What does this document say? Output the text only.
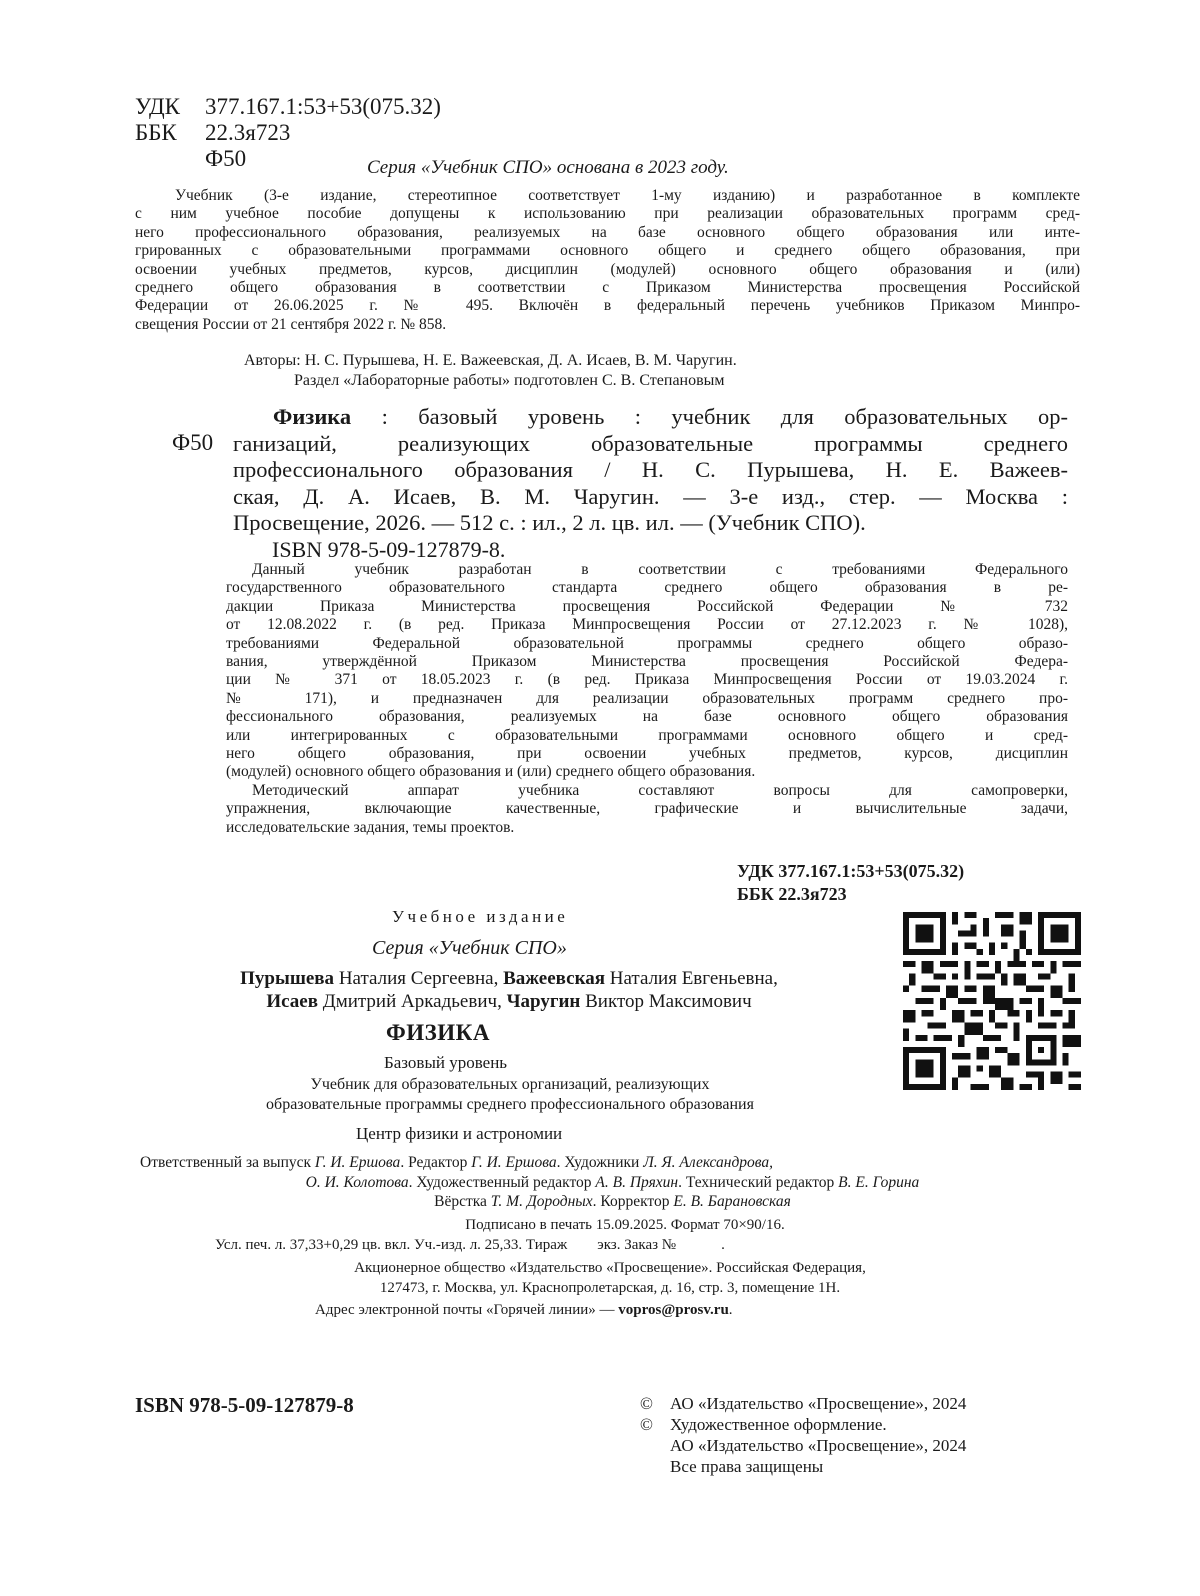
УДК	377.167.1:53+53(075.32)
ББК	22.3я723
Ф50	Серия «Учебник СПО» основана в 2023 году.
Учебник (3-е издание, стереотипное соответствует 1-му изданию) и разработанное в комплекте
с ним учебное пособие допущены к использованию при реализации образовательных программ сред-
него профессионального образования, реализуемых на базе основного общего образования или инте-
грированных с образовательными программами основного общего и среднего общего образования, при
освоении учебных предметов, курсов, дисциплин (модулей) основного общего образования и (или)
среднего общего образования в соответствии с Приказом Министерства просвещения Российской
Федерации от 26.06.2025 г. № 495. Включён в федеральный перечень учебников Приказом Минпро-
свещения России от 21 сентября 2022 г. № 858.
Авторы: Н. С. Пурышева, Н. Е. Важеевская, Д. А. Исаев, В. М. Чаругин.
Раздел «Лабораторные работы» подготовлен С. В. Степановым
Ф50
Физика : базовый уровень : учебник для образовательных ор-
ганизаций, реализующих образовательные программы среднего
профессионального образования / Н. С. Пурышева, Н. Е. Важеев-
ская, Д. А. Исаев, В. М. Чаругин. — 3-е изд., стер. — Москва :
Просвещение, 2026. — 512 с. : ил., 2 л. цв. ил. — (Учебник СПО).
ISBN 978-5-09-127879-8.
Данный учебник разработан в соответствии с требованиями Федерального
государственного образовательного стандарта среднего общего образования в ре-
дакции Приказа Министерства просвещения Российской Федерации № 732
от 12.08.2022 г. (в ред. Приказа Минпросвещения России от 27.12.2023 г. № 1028),
требованиями Федеральной образовательной программы среднего общего образо-
вания, утверждённой Приказом Министерства просвещения Российской Федера-
ции № 371 от 18.05.2023 г. (в ред. Приказа Минпросвещения России от 19.03.2024 г.
№ 171), и предназначен для реализации образовательных программ среднего про-
фессионального образования, реализуемых на базе основного общего образования
или интегрированных с образовательными программами основного общего и сред-
него общего образования, при освоении учебных предметов, курсов, дисциплин
(модулей) основного общего образования и (или) среднего общего образования.
Методический аппарат учебника составляют вопросы для самопроверки,
упражнения, включающие качественные, графические и вычислительные задачи,
исследовательские задания, темы проектов.
УДК 377.167.1:53+53(075.32)
ББК 22.3я723
Учебное издание
Серия «Учебник СПО»
Пурышева Наталия Сергеевна, Важеевская Наталия Евгеньевна,
Исаев Дмитрий Аркадьевич, Чаругин Виктор Максимович
ФИЗИКА
Базовый уровень
Учебник для образовательных организаций, реализующих
образовательные программы среднего профессионального образования
Центр физики и астрономии
Ответственный за выпуск Г. И. Ершова. Редактор Г. И. Ершова. Художники Л. Я. Александрова,
О. И. Колотова. Художественный редактор А. В. Пряхин. Технический редактор В. Е. Горина
Вёрстка Т. М. Дородных. Корректор Е. В. Барановская
Подписано в печать 15.09.2025. Формат 70×90/16.
Усл. печ. л. 37,33+0,29 цв. вкл. Уч.-изд. л. 25,33. Тираж        экз. Заказ №            .
Акционерное общество «Издательство «Просвещение». Российская Федерация,
127473, г. Москва, ул. Краснопролетарская, д. 16, стр. 3, помещение 1Н.
Адрес электронной почты «Горячей линии» — vopros@prosv.ru.
ISBN 978-5-09-127879-8	©	АО «Издательство «Просвещение», 2024
©	Художественное оформление.
АО «Издательство «Просвещение», 2024
Все права защищены
